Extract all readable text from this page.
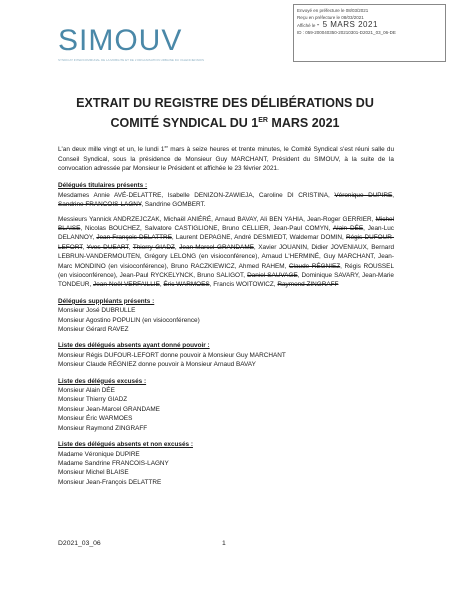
SIMOUV
SYNDICAT INTERCOMMUNAL DE LA MOBILITE ET DE L'ORGANISATION URBAINE DU VALENCIENNOIS
Envoyé en préfecture le 08/03/2021
Reçu en préfecture le 08/03/2021
Affiché le - 5 MARS 2021
ID : 059-200040350-20210301-D2021_03_06-DE
EXTRAIT DU REGISTRE DES DÉLIBÉRATIONS DU
COMITÉ SYNDICAL DU 1ER MARS 2021

L'an deux mille vingt et un, le lundi 1er mars à seize heures et trente minutes, le Comité Syndical s'est réuni salle du Conseil Syndical, sous la présidence de Monsieur Guy MARCHANT, Président du SIMOUV, à la suite de la convocation adressée par Monsieur le Président et affichée le 23 février 2021.

Délégués titulaires présents :
Mesdames Annie AVÉ-DELATTRE, Isabelle DENIZON-ZAWIEJA, Caroline DI CRISTINA, Véronique DUPIRE, Sandrine FRANCOIS-LAGNY, Sandrine GOMBERT.
Messieurs Yannick ANDRZEJCZAK, Michaël ANIÉRÉ, Arnaud BAVAY, Ali BEN YAHIA, Jean-Roger GERRIER, Michel BLAISE, Nicolas BOUCHEZ, Salvatore CASTIGLIONE, Bruno CELLIER, Jean-Paul COMYN, Alain DÉE, Jean-Luc DELANNOY, Jean-François DELATTRE, Laurent DEPAGNE, André DESMIEDT, Waldemar DOMIN, Régis DUFOUR-LEFORT, Yves DUEART, Thierry GIADZ, Jean-Marcel GRANDAME, Xavier JOUANIN, Didier JOVENIAUX, Bernard LEBRUN-VANDERMOUTEN, Grégory LELONG (en visioconférence), Arnaud L'HERMINÉ, Guy MARCHANT, Jean-Marc MONDINO (en visioconférence), Bruno RACZKIEWICZ, Ahmed RAHEM, Claude RÉGNIEZ, Régis ROUSSEL (en visioconférence), Jean-Paul RYCKELYNCK, Bruno SALIGOT, Daniel SAUVAGE, Dominique SAVARY, Jean-Marie TONDEUR, Jean-Noël VERFAILLIE, Éric WARMOES, Francis WOITOWICZ, Raymond ZINGRAFF
Délégués suppléants présents :
Monsieur José DUBRULLE
Monsieur Agostino POPULIN (en visioconférence)
Monsieur Gérard RAVEZ
Liste des délégués absents ayant donné pouvoir :
Monsieur Régis DUFOUR-LEFORT donne pouvoir à Monsieur Guy MARCHANT
Monsieur Claude RÉGNIEZ donne pouvoir à Monsieur Arnaud BAVAY
Liste des délégués excusés :
Monsieur Alain DÉE
Monsieur Thierry GIADZ
Monsieur Jean-Marcel GRANDAME
Monsieur Éric WARMOES
Monsieur Raymond ZINGRAFF
Liste des délégués absents et non excusés :
Madame Véronique DUPIRE
Madame Sandrine FRANCOIS-LAGNY
Monsieur Michel BLAISE
Monsieur Jean-François DELATTRE
D2021_03_06	1
